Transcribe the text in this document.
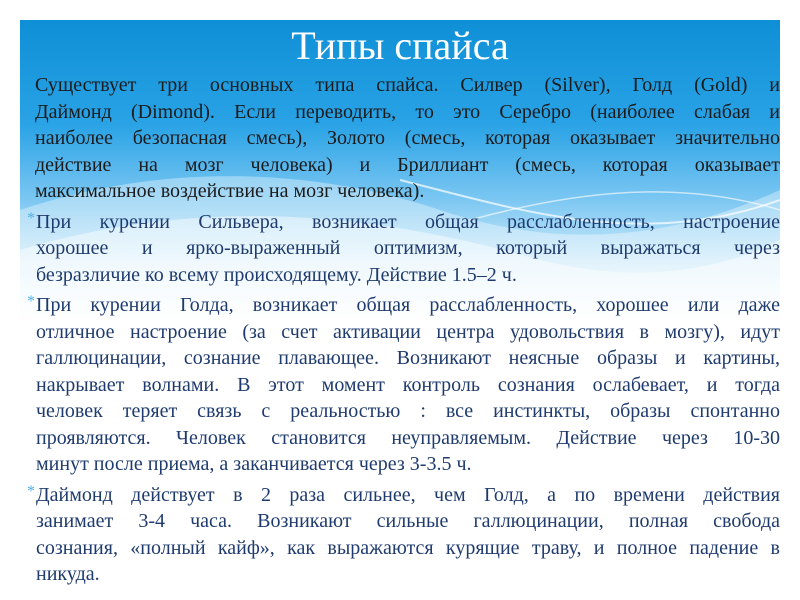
Типы спайса
Существует три основных типа спайса. Силвер (Silver), Голд (Gold) и
Даймонд (Dimond). Если переводить, то это Серебро (наиболее слабая и
наиболее безопасная смесь), Золото (смесь, которая оказывает значительно
действие на мозг человека) и Бриллиант (смесь, которая оказывает
максимальное воздействие на мозг человека).
* При курении Сильвера, возникает общая расслабленность, настроение
хорошее и ярко-выраженный оптимизм, который выражаться через
безразличие ко всему происходящему. Действие 1.5–2 ч.
* При курении Голда, возникает общая расслабленность, хорошее или даже
отличное настроение (за счет активации центра удовольствия в мозгу), идут
галлюцинации, сознание плавающее. Возникают неясные образы и картины,
накрывает волнами. В этот момент контроль сознания ослабевает, и тогда
человек теряет связь с реальностью : все инстинкты, образы спонтанно
проявляются. Человек становится неуправляемым. Действие через 10-30
минут после приема, а заканчивается через 3-3.5 ч.
* Даймонд действует в 2 раза сильнее, чем Голд, а по времени действия
занимает 3-4 часа. Возникают сильные галлюцинации, полная свобода
сознания, «полный кайф», как выражаются курящие траву, и полное падение в
никуда.
